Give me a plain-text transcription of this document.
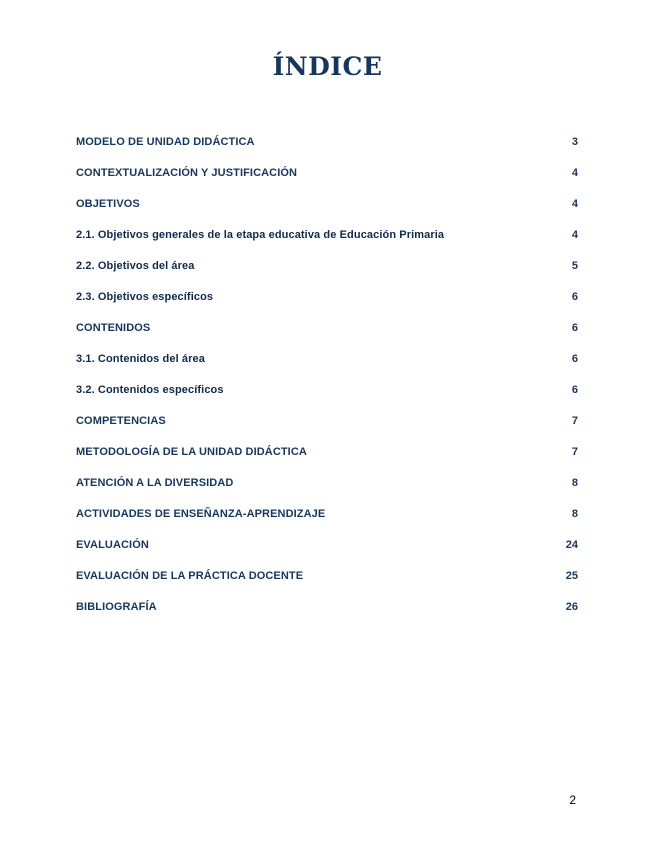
ÍNDICE
MODELO DE UNIDAD DIDÁCTICA	3
CONTEXTUALIZACIÓN Y JUSTIFICACIÓN	4
OBJETIVOS	4
2.1. Objetivos generales de la etapa educativa de Educación Primaria	4
2.2. Objetivos del área	5
2.3. Objetivos específicos	6
CONTENIDOS	6
3.1. Contenidos del área	6
3.2. Contenidos específicos	6
COMPETENCIAS	7
METODOLOGÍA DE LA UNIDAD DIDÁCTICA	7
ATENCIÓN A LA DIVERSIDAD	8
ACTIVIDADES DE ENSEÑANZA-APRENDIZAJE	8
EVALUACIÓN	24
EVALUACIÓN DE LA PRÁCTICA DOCENTE	25
BIBLIOGRAFÍA	26
2
